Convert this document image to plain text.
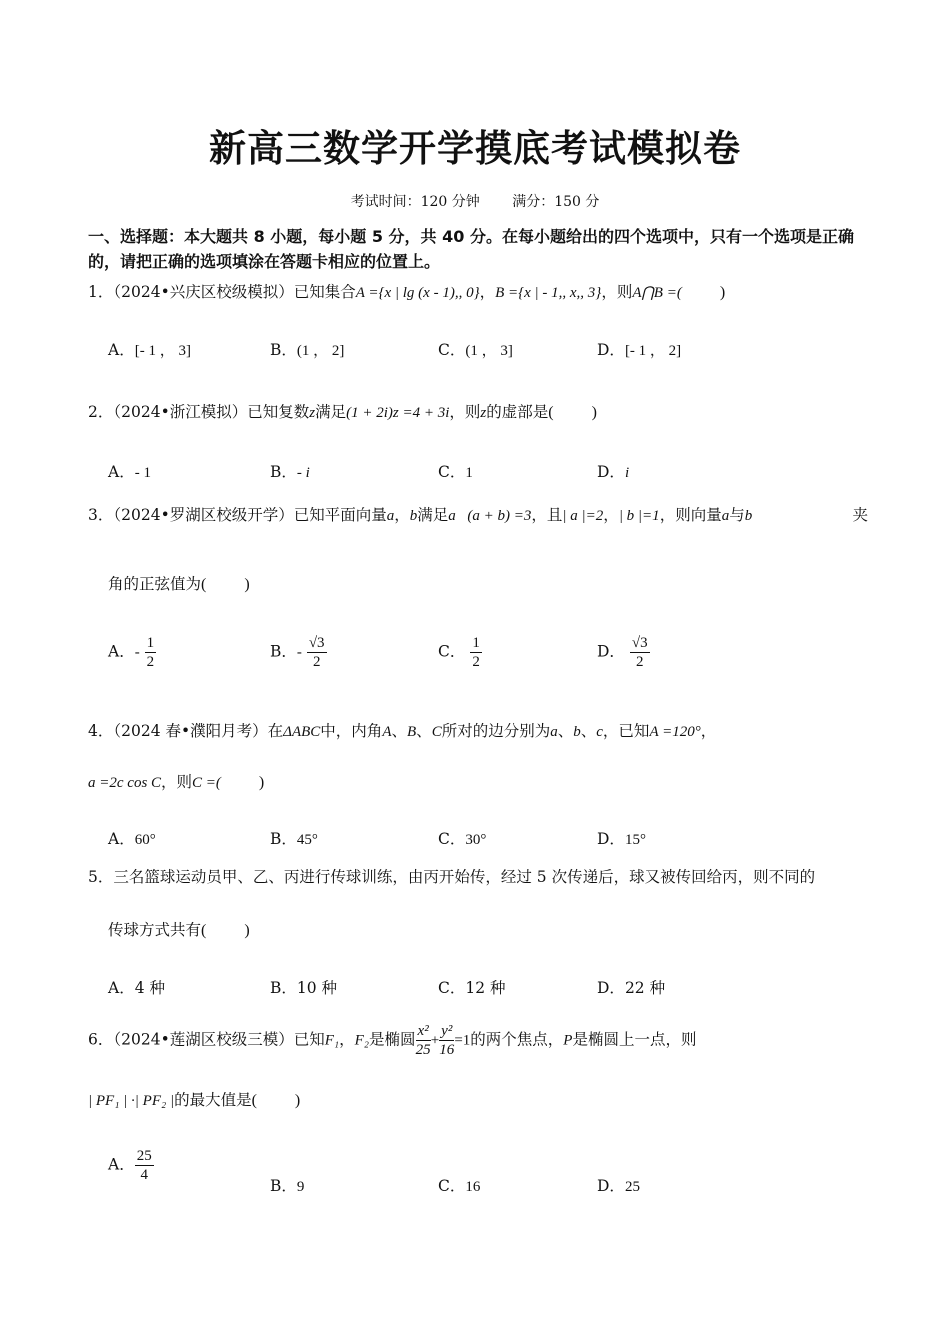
新高三数学开学摸底考试模拟卷
考试时间：120 分钟 满分：150 分
一、选择题：本大题共 8 小题，每小题 5 分，共 40 分。在每小题给出的四个选项中，只有一个选项是正确的，请把正确的选项填涂在答题卡相应的位置上。
1．（2024•兴庆区校级模拟）已知集合A ={x | lg (x - 1),, 0}，B ={x | - 1,, x,, 3}，则A⋂B =( )
A．[- 1 ， 3]	B．(1 ， 2]	C．(1 ， 3]	D．[- 1 ， 2]
2．（2024•浙江模拟）已知复数z满足(1 + 2i)z =4 + 3i，则z的虚部是( )
A．- 1	B．- i	C．1	D．i
3．（2024•罗湖区校级开学）已知平面向量a，b满足a⃗(a + b) =3，且| a |=2，| b |=1，则向量a与b	夹
角的正弦值为( )
A．- $\frac{1}{2}$	B．- $\frac{√3}{2}$	C． $\frac{1}{2}$	D． $\frac{√3}{2}$
4．（2024 春•濮阳月考）在ΔABC中，内角A、B、C所对的边分别为a、b、c，已知A =120°，
a =2c cos C，则C =( )
A．60°	B．45°	C．30°	D．15°
5．三名篮球运动员甲、乙、丙进行传球训练，由丙开始传，经过 5 次传递后，球又被传回给丙，则不同的
传球方式共有( )
A．4 种	B．10 种	C．12 种	D．22 种
6．（2024•莲湖区校级三模）已知F₁，F₂是椭圆 $\frac{\text{x²}}{25} + \frac{\text{y²}}{16} =1$的两个焦点，P是椭圆上一点，则
| PF₁ | ·| PF₂ |的最大值是( )
A． $\frac{25}{4}$
B．9	C．16	D．25
